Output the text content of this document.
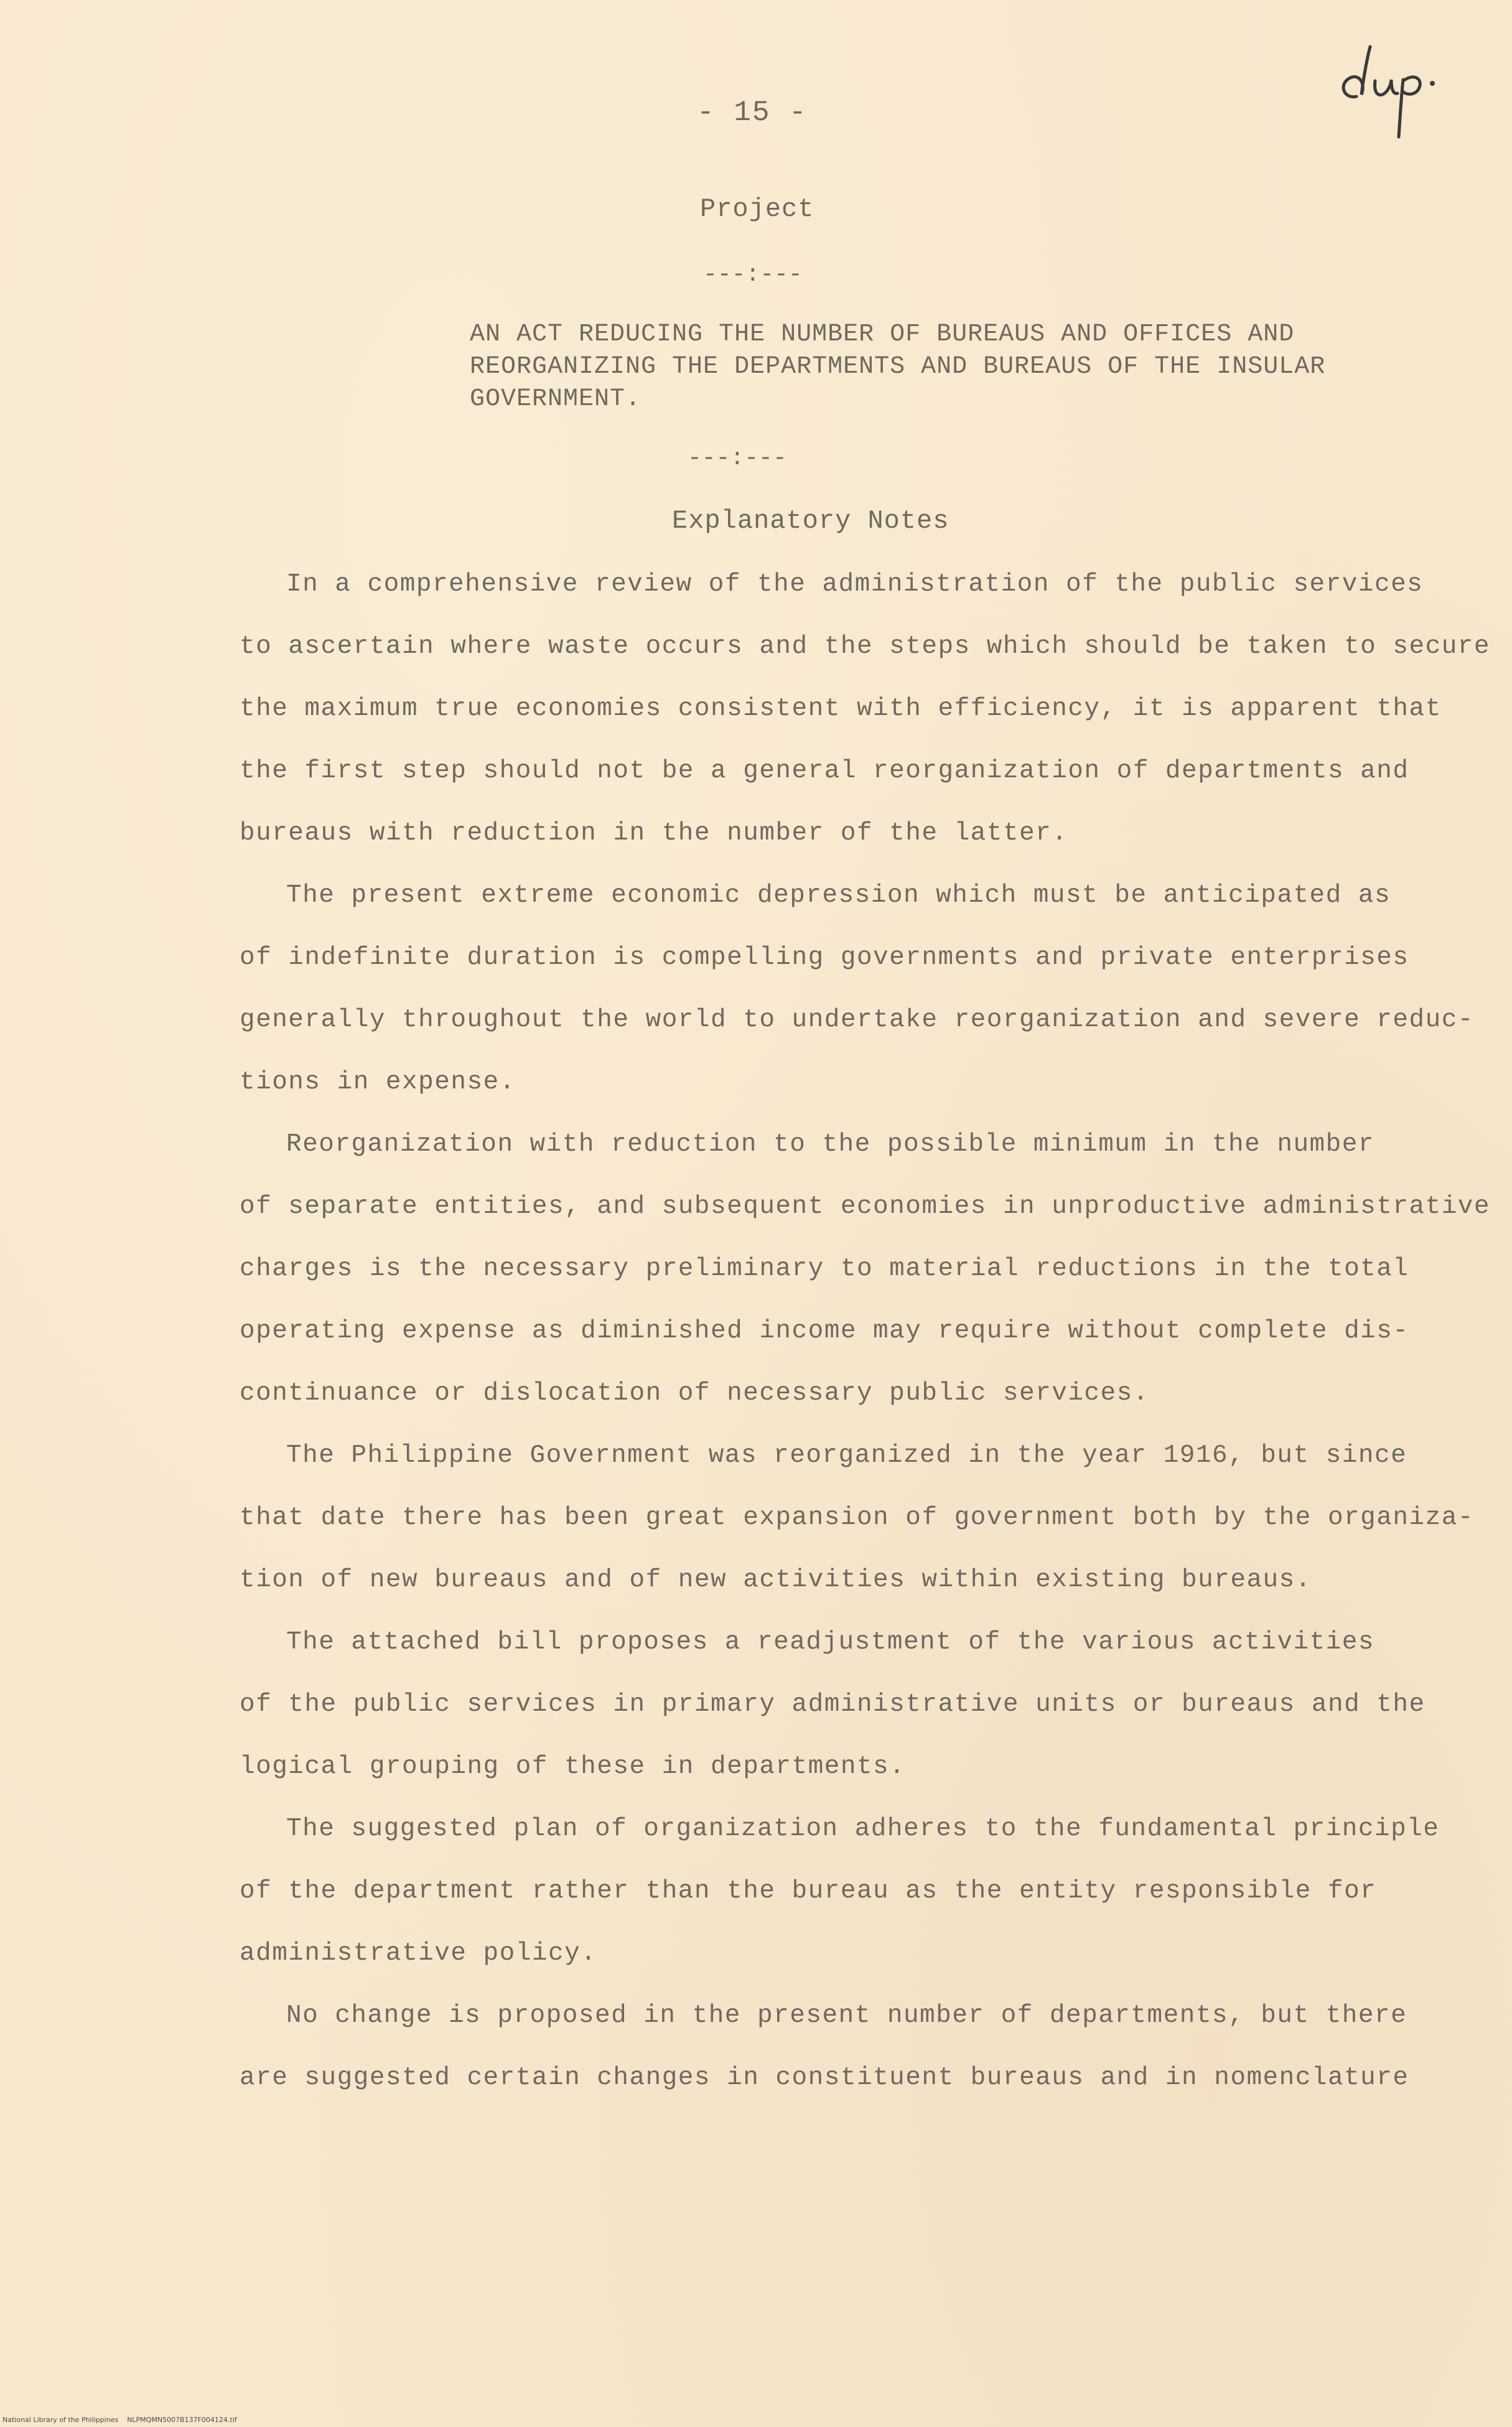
- 15 -
Project
---:---
AN ACT REDUCING THE NUMBER OF BUREAUS AND OFFICES AND
REORGANIZING THE DEPARTMENTS AND BUREAUS OF THE INSULAR
GOVERNMENT.
---:---
Explanatory Notes
In a comprehensive review of the administration of the public services
to ascertain where waste occurs and the steps which should be taken to secure
the maximum true economies consistent with efficiency, it is apparent that
the first step should not be a general reorganization of departments and
bureaus with reduction in the number of the latter.
The present extreme economic depression which must be anticipated as
of indefinite duration is compelling governments and private enterprises
generally throughout the world to undertake reorganization and severe reduc-
tions in expense.
Reorganization with reduction to the possible minimum in the number
of separate entities, and subsequent economies in unproductive administrative
charges is the necessary preliminary to material reductions in the total
operating expense as diminished income may require without complete dis-
continuance or dislocation of necessary public services.
The Philippine Government was reorganized in the year 1916, but since
that date there has been great expansion of government both by the organiza-
tion of new bureaus and of new activities within existing bureaus.
The attached bill proposes a readjustment of the various activities
of the public services in primary administrative units or bureaus and the
logical grouping of these in departments.
The suggested plan of organization adheres to the fundamental principle
of the department rather than the bureau as the entity responsible for
administrative policy.
No change is proposed in the present number of departments, but there
are suggested certain changes in constituent bureaus and in nomenclature
National Library of the Philippines    NLPMQMN5007B137F004124.tif
